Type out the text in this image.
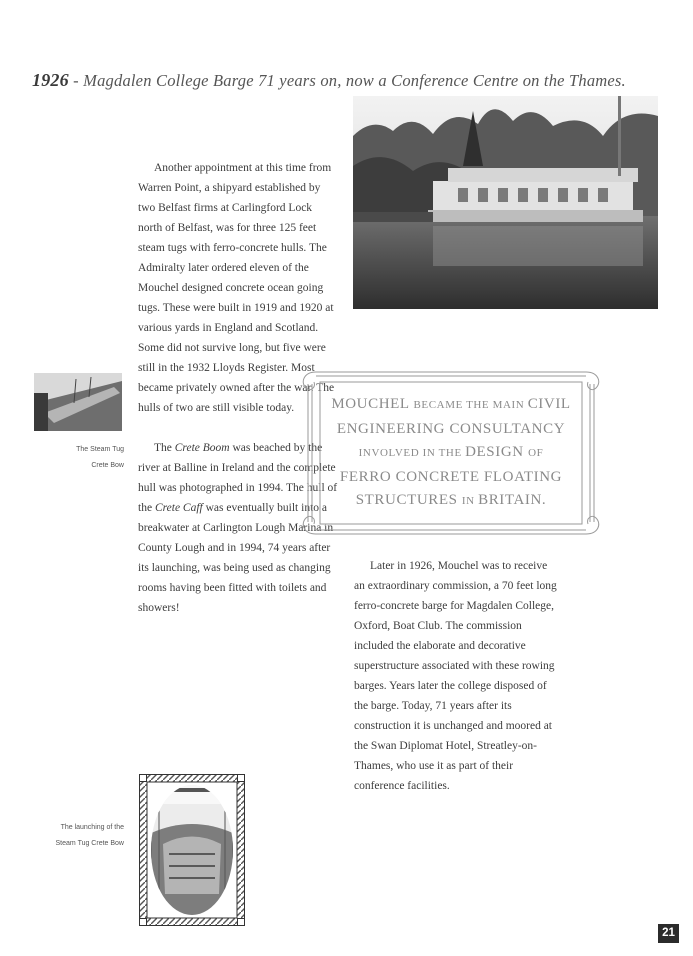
1926 - Magdalen College Barge 71 years on, now a Conference Centre on the Thames.

Another appointment at this time from Warren Point, a shipyard established by two Belfast firms at Carlingford Lock north of Belfast, was for three 125 feet steam tugs with ferro-concrete hulls. The Admiralty later ordered eleven of the Mouchel designed concrete ocean going tugs. These were built in 1919 and 1920 at various yards in England and Scotland. Some did not survive long, but five were still in the 1932 Lloyds Register. Most became privately owned after the war. The hulls of two are still visible today.

The Crete Boom was beached by the river at Balline in Ireland and the complete hull was photographed in 1994. The hull of the Crete Caff was eventually built into a breakwater at Carlington Lough Marina in County Lough and in 1994, 74 years after its launching, was being used as changing rooms having been fitted with toilets and showers!

The Steam Tug
Crete Bow
MOUCHEL BECAME THE MAIN CIVIL
ENGINEERING CONSULTANCY
INVOLVED IN THE DESIGN OF
FERRO CONCRETE FLOATING
STRUCTURES IN BRITAIN.

Later in 1926, Mouchel was to receive an extraordinary commission, a 70 feet long ferro-concrete barge for Magdalen College, Oxford, Boat Club. The commission included the elaborate and decorative superstructure associated with these rowing barges. Years later the college disposed of the barge. Today, 71 years after its construction it is unchanged and moored at the Swan Diplomat Hotel, Streatley-on-Thames, who use it as part of their conference facilities.

The launching of the
Steam Tug Crete Bow
21
